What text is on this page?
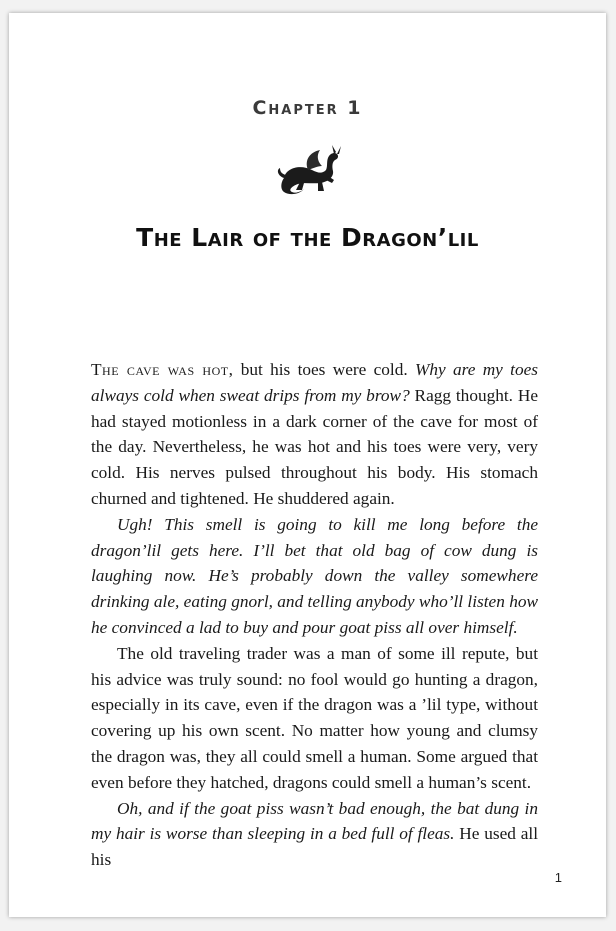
Chapter 1
The Lair of the Dragon’lil

The cave was hot, but his toes were cold. Why are my toes always cold when sweat drips from my brow? Ragg thought. He had stayed motionless in a dark corner of the cave for most of the day. Nevertheless, he was hot and his toes were very, very cold. His nerves pulsed throughout his body. His stomach churned and tightened. He shuddered again.

Ugh! This smell is going to kill me long before the dragon’lil gets here. I’ll bet that old bag of cow dung is laughing now. He’s probably down the valley somewhere drinking ale, eating gnorl, and telling anybody who’ll listen how he convinced a lad to buy and pour goat piss all over himself.

The old traveling trader was a man of some ill repute, but his advice was truly sound: no fool would go hunting a dragon, especially in its cave, even if the dragon was a ’lil type, without covering up his own scent. No matter how young and clumsy the dragon was, they all could smell a human. Some argued that even before they hatched, dragons could smell a human’s scent.

Oh, and if the goat piss wasn’t bad enough, the bat dung in my hair is worse than sleeping in a bed full of fleas. He used all his

1
